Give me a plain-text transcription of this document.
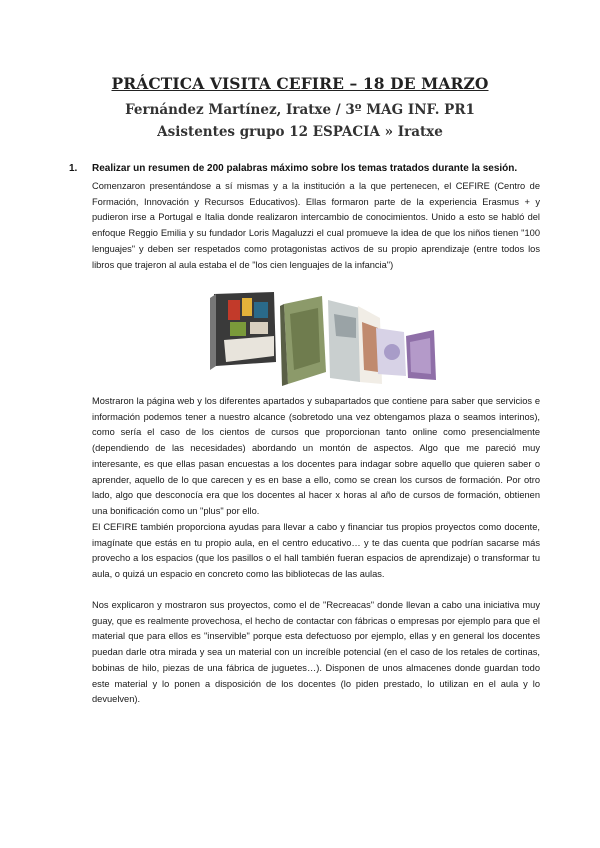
PRÁCTICA VISITA CEFIRE – 18 DE MARZO
Fernández Martínez, Iratxe / 3º MAG INF. PR1
Asistentes grupo 12 ESPACIA » Iratxe
1. Realizar un resumen de 200 palabras máximo sobre los temas tratados durante la sesión.
Comenzaron presentándose a sí mismas y a la institución a la que pertenecen, el CEFIRE (Centro de Formación, Innovación y Recursos Educativos). Ellas formaron parte de la experiencia Erasmus + y pudieron irse a Portugal e Italia donde realizaron intercambio de conocimientos. Unido a esto se habló del enfoque Reggio Emilia y su fundador Loris Magaluzzi el cual promueve la idea de que los niños tienen "100 lenguajes" y deben ser respetados como protagonistas activos de su propio aprendizaje (entre todos los libros que trajeron al aula estaba el de "los cien lenguajes de la infancia")
Mostraron la página web y los diferentes apartados y subapartados que contiene para saber que servicios e información podemos tener a nuestro alcance (sobretodo una vez obtengamos plaza o seamos interinos), como sería el caso de los cientos de cursos que proporcionan tanto online como presencialmente (dependiendo de las necesidades) abordando un montón de aspectos. Algo que me pareció muy interesante, es que ellas pasan encuestas a los docentes para indagar sobre aquello que quieren saber o aprender, aquello de lo que carecen y es en base a ello, como se crean los cursos de formación. Por otro lado, algo que desconocía era que los docentes al hacer x horas al año de cursos de formación, obtienen una bonificación como un "plus" por ello.
El CEFIRE también proporciona ayudas para llevar a cabo y financiar tus propios proyectos como docente, imagínate que estás en tu propio aula, en el centro educativo… y te das cuenta que podrían sacarse más provecho a los espacios (que los pasillos o el hall también fueran espacios de aprendizaje) o transformar tu aula, o quizá un espacio en concreto como las bibliotecas de las aulas.
Nos explicaron y mostraron sus proyectos, como el de "Recreacas" donde llevan a cabo una iniciativa muy guay, que es realmente provechosa, el hecho de contactar con fábricas o empresas por ejemplo para que el material que para ellos es "inservible" porque esta defectuoso por ejemplo, ellas y en general los docentes puedan darle otra mirada y sea un material con un increíble potencial (en el caso de los retales de cortinas, bobinas de hilo, piezas de una fábrica de juguetes…). Disponen de unos almacenes donde guardan todo este material y lo ponen a disposición de los docentes (lo piden prestado, lo utilizan en el aula y lo devuelven).
